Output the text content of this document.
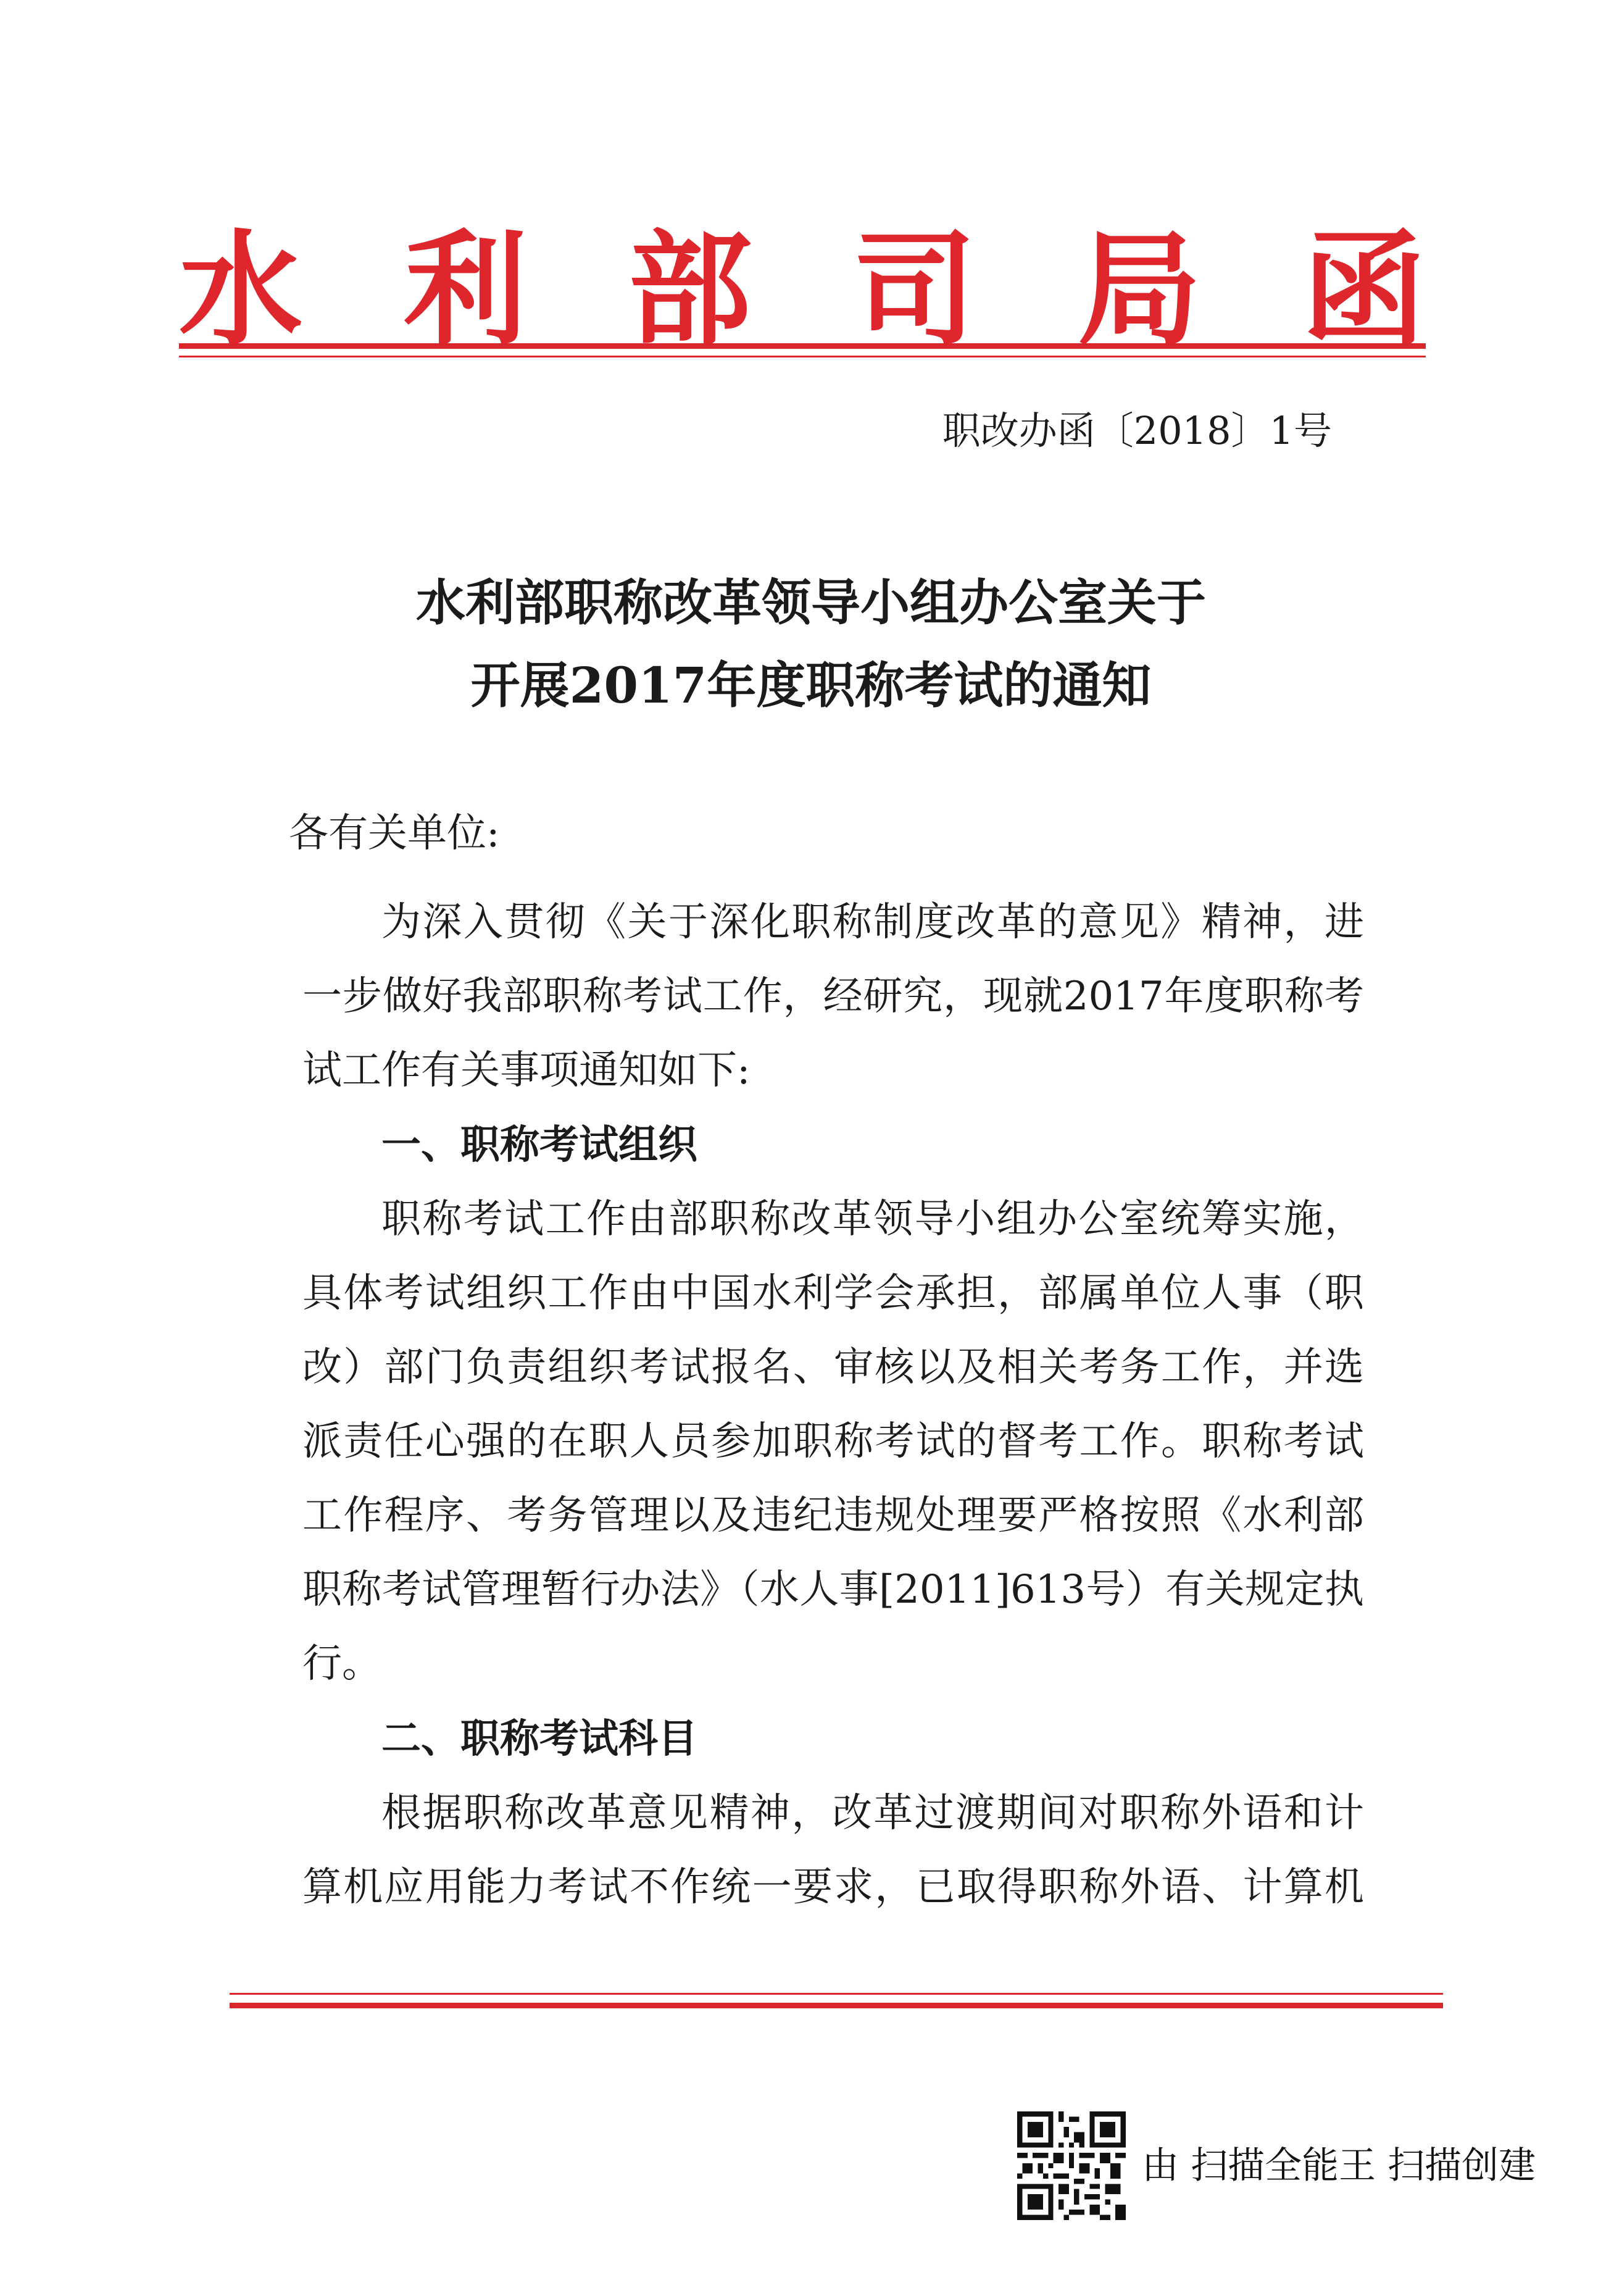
水 利 部 司 局 函
职改办函〔2018〕1号
水利部职称改革领导小组办公室关于
开展2017年度职称考试的通知
各有关单位:
为深入贯彻《关于深化职称制度改革的意见》精神，进
一步做好我部职称考试工作，经研究，现就2017年度职称考
试工作有关事项通知如下:
一、职称考试组织
职称考试工作由部职称改革领导小组办公室统筹实施，
具体考试组织工作由中国水利学会承担，部属单位人事（职
改）部门负责组织考试报名、审核以及相关考务工作，并选
派责任心强的在职人员参加职称考试的督考工作。职称考试
工作程序、考务管理以及违纪违规处理要严格按照《水利部
职称考试管理暂行办法》（水人事[2011]613号）有关规定执
行。
二、职称考试科目
根据职称改革意见精神，改革过渡期间对职称外语和计
算机应用能力考试不作统一要求，已取得职称外语、计算机
由 扫描全能王 扫描创建
